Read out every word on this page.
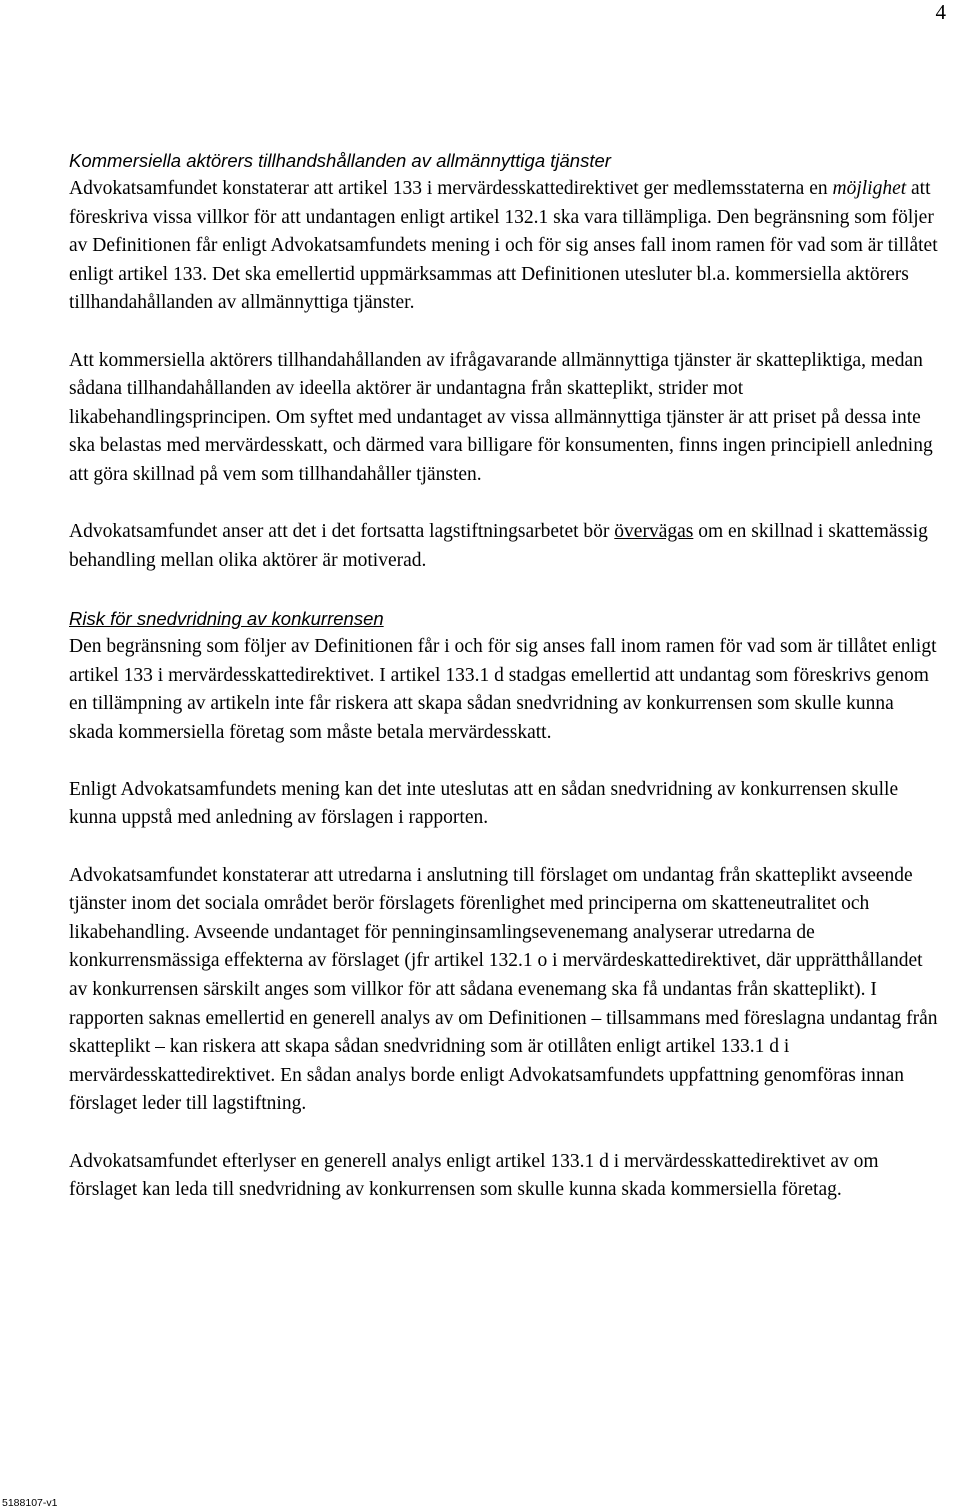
4
Kommersiella aktörers tillhandshållanden av allmännyttiga tjänster

Advokatsamfundet konstaterar att artikel 133 i mervärdesskattedirektivet ger medlemsstaterna en möjlighet att föreskriva vissa villkor för att undantagen enligt artikel 132.1 ska vara tillämpliga. Den begränsning som följer av Definitionen får enligt Advokatsamfundets mening i och för sig anses fall inom ramen för vad som är tillåtet enligt artikel 133. Det ska emellertid uppmärksammas att Definitionen utesluter bl.a. kommersiella aktörers tillhandahållanden av allmännyttiga tjänster.

Att kommersiella aktörers tillhandahållanden av ifrågavarande allmännyttiga tjänster är skattepliktiga, medan sådana tillhandahållanden av ideella aktörer är undantagna från skatteplikt, strider mot likabehandlingsprincipen. Om syftet med undantaget av vissa allmännyttiga tjänster är att priset på dessa inte ska belastas med mervärdesskatt, och därmed vara billigare för konsumenten, finns ingen principiell anledning att göra skillnad på vem som tillhandahåller tjänsten.

Advokatsamfundet anser att det i det fortsatta lagstiftningsarbetet bör övervägas om en skillnad i skattemässig behandling mellan olika aktörer är motiverad.

Risk för snedvridning av konkurrensen

Den begränsning som följer av Definitionen får i och för sig anses fall inom ramen för vad som är tillåtet enligt artikel 133 i mervärdesskattedirektivet. I artikel 133.1 d stadgas emellertid att undantag som föreskrivs genom en tillämpning av artikeln inte får riskera att skapa sådan snedvridning av konkurrensen som skulle kunna skada kommersiella företag som måste betala mervärdesskatt.

Enligt Advokatsamfundets mening kan det inte uteslutas att en sådan snedvridning av konkurrensen skulle kunna uppstå med anledning av förslagen i rapporten.

Advokatsamfundet konstaterar att utredarna i anslutning till förslaget om undantag från skatteplikt avseende tjänster inom det sociala området berör förslagets förenlighet med principerna om skatteneutralitet och likabehandling. Avseende undantaget för penninginsamlingsevenemang analyserar utredarna de konkurrensmässiga effekterna av förslaget (jfr artikel 132.1 o i mervärdeskattedirektivet, där upprätthållandet av konkurrensen särskilt anges som villkor för att sådana evenemang ska få undantas från skatteplikt). I rapporten saknas emellertid en generell analys av om Definitionen – tillsammans med föreslagna undantag från skatteplikt – kan riskera att skapa sådan snedvridning som är otillåten enligt artikel 133.1 d i mervärdesskattedirektivet. En sådan analys borde enligt Advokatsamfundets uppfattning genomföras innan förslaget leder till lagstiftning.

Advokatsamfundet efterlyser en generell analys enligt artikel 133.1 d i mervärdesskattedirektivet av om förslaget kan leda till snedvridning av konkurrensen som skulle kunna skada kommersiella företag.

5188107-v1
